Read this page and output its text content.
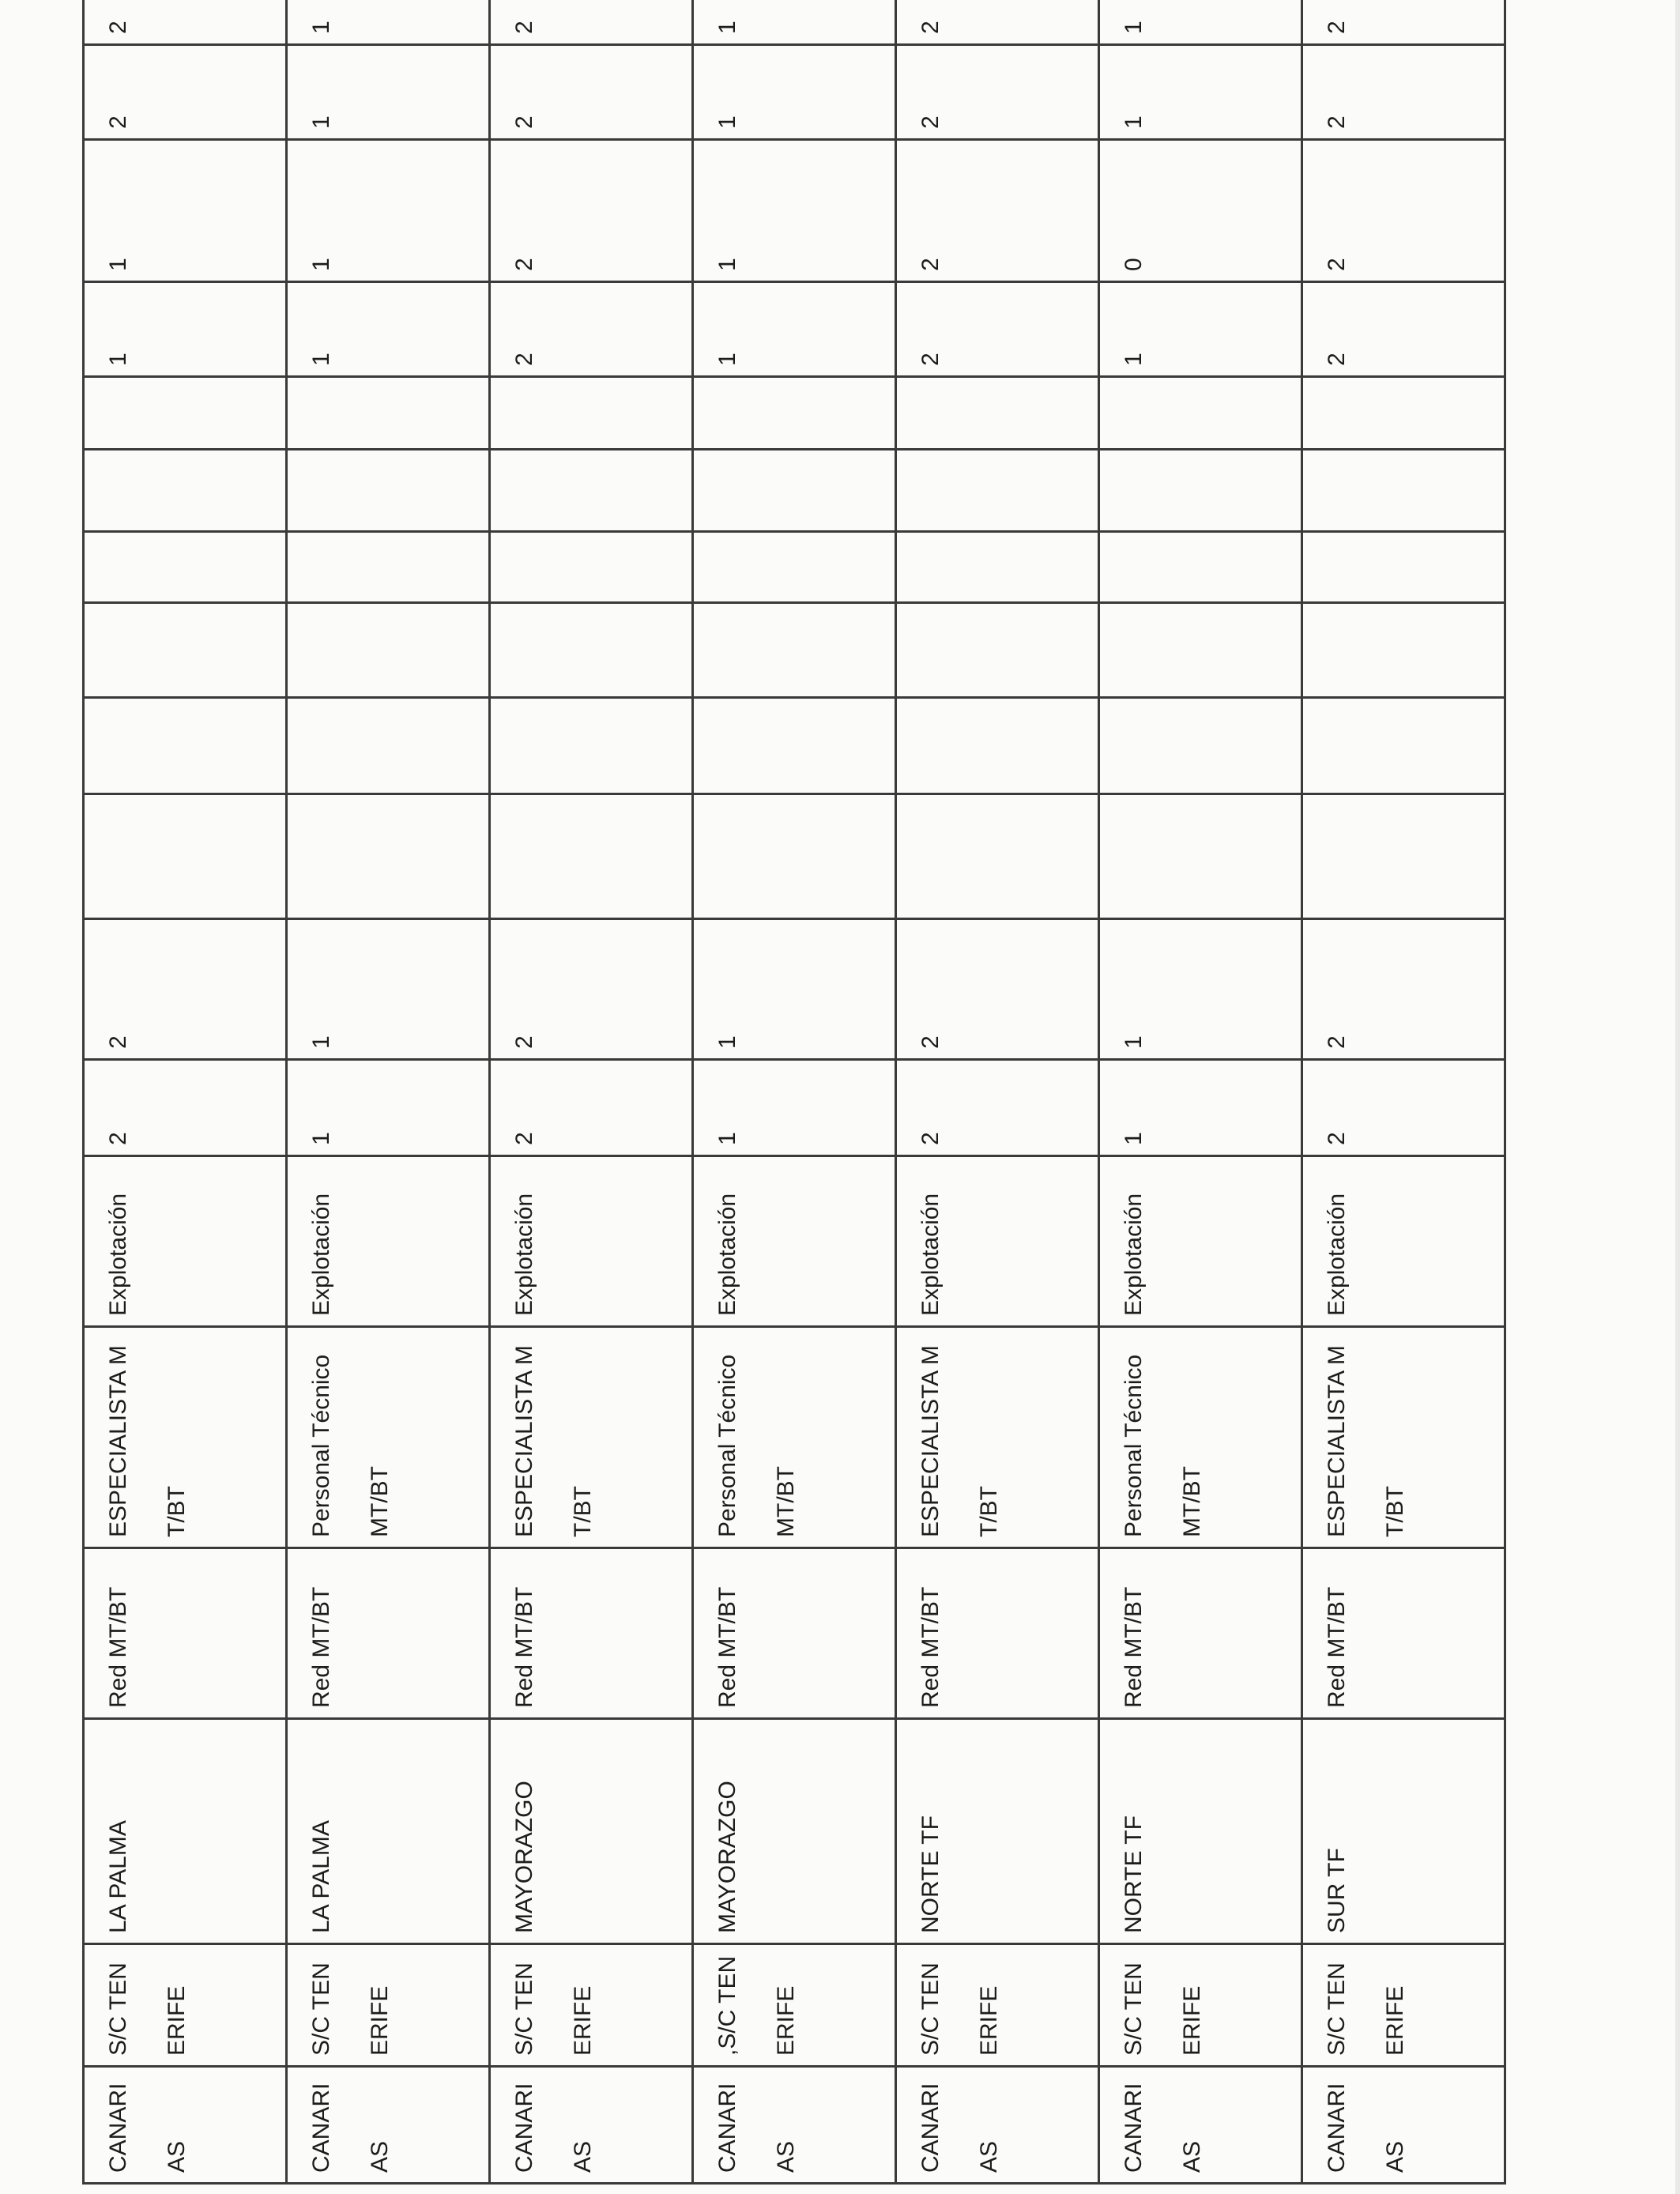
CANARIAS	S/C TENERIFE	LA PALMA	Red MT/BT	ESPECIALISTA MT/BT	Explotación	2	2							1	1	2	2
CANARIAS	S/C TENERIFE	LA PALMA	Red MT/BT	Personal Técnico MT/BT	Explotación	1	1							1	1	1	1
CANARIAS	S/C TENERIFE	MAYORAZGO	Red MT/BT	ESPECIALISTA MT/BT	Explotación	2	2							2	2	2	2
CANARIAS	,S/C TENERIFE	MAYORAZGO	Red MT/BT	Personal Técnico MT/BT	Explotación	1	1							1	1	1	1
CANARIAS	S/C TENERIFE	NORTE TF	Red MT/BT	ESPECIALISTA MT/BT	Explotación	2	2							2	2	2	2
CANARIAS	S/C TENERIFE	NORTE TF	Red MT/BT	Personal Técnico MT/BT	Explotación	1	1							1	0	1	1
CANARIAS	S/C TENERIFE	SUR TF	Red MT/BT	ESPECIALISTA MT/BT	Explotación	2	2							2	2	2	2
